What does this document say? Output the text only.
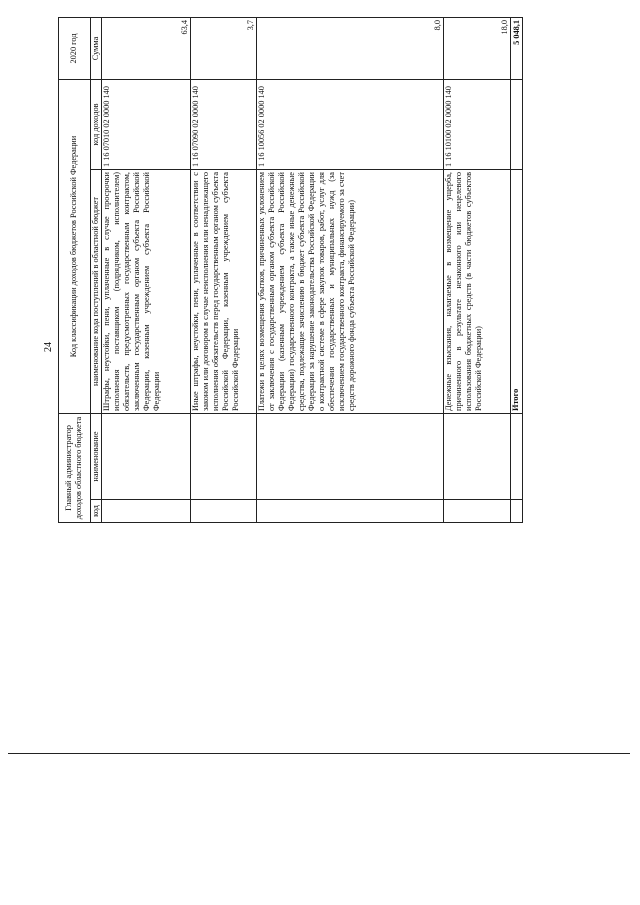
24
Главный администратор доходов областного бюджета		Код классификации доходов бюджетов Российской Федерации		2020 год
код	наименование	наименование кода поступлений в областной бюджет	код доходов	Сумма
		Штрафы, неустойки, пени, уплаченные в случае просрочки исполнения поставщиком (подрядчиком, исполнителем) обязательств, предусмотренных государственным контрактом, заключенным государственным органом субъекта Российской Федерации, казенным учреждением субъекта Российской Федерации	1 16 07010 02 0000 140	63,4
		Иные штрафы, неустойки, пени, уплаченные в соответствии с законом или договором в случае неисполнения или ненадлежащего исполнения обязательств перед государственным органом субъекта Российской Федерации, казенным учреждением субъекта Российской Федерации	1 16 07090 02 0000 140	3,7
		Платежи в целях возмещения убытков, причиненных уклонением от заключения с государственным органом субъекта Российской Федерации (казенным учреждением субъекта Российской Федерации) государственного контракта, а также иные денежные средства, подлежащие зачислению в бюджет субъекта Российской Федерации за нарушение законодательства Российской Федерации о контрактной системе в сфере закупок товаров, работ, услуг для обеспечения государственных и муниципальных нужд (за исключением государственного контракта, финансируемого за счет средств дорожного фонда субъекта Российской Федерации)	1 16 10056 02 0000 140	8,0
		Денежные взыскания, налагаемые в возмещение ущерба, причиненного в результате незаконного или нецелевого использования бюджетных средств (в части бюджетов субъектов Российской Федерации)	1 16 10100 02 0000 140	18,0
		Итого		5 048,1
